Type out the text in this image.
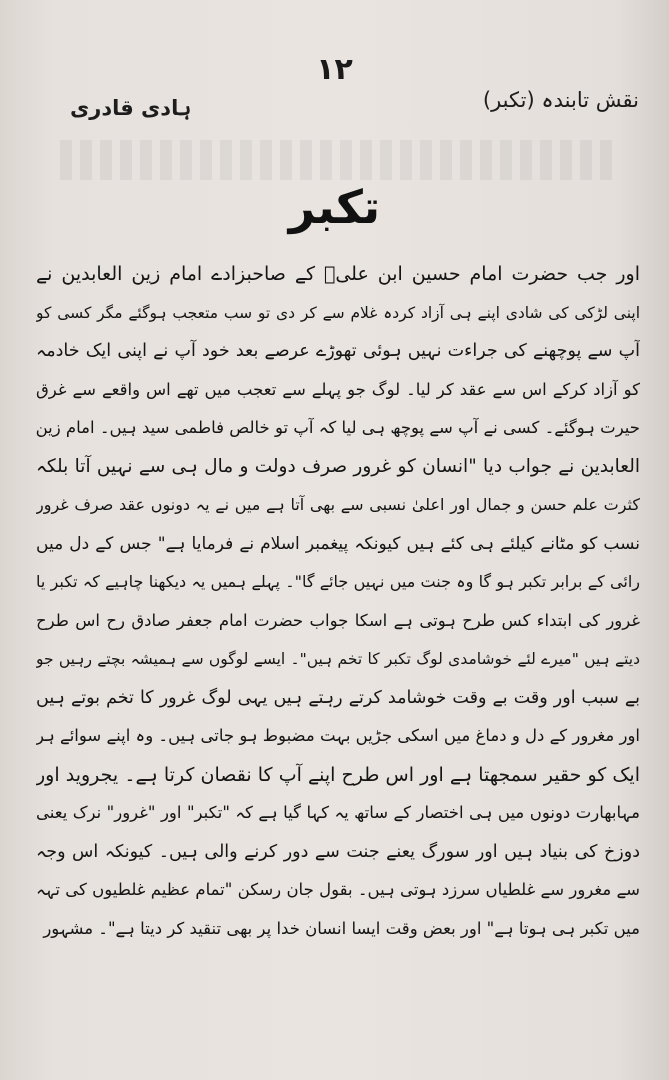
۱۲
نقش تابندہ (تکبر)
ہادی قادری
تکبر
اور جب حضرت امام حسین ابن علیؑ کے صاحبزادے امام زین العابدین نے
اپنی لڑکی کی شادی اپنے ہی آزاد کردہ غلام سے کر دی تو سب متعجب ہوگئے مگر کسی کو
آپ سے پوچھنے کی جراءت نہیں ہوئی تھوڑے عرصے بعد خود آپ نے اپنی ایک خادمہ
کو آزاد کرکے اس سے عقد کر لیا۔ لوگ جو پہلے سے تعجب میں تھے اس واقعے سے غرق
حیرت ہوگئے۔ کسی نے آپ سے پوچھ ہی لیا کہ آپ تو خالص فاطمی سید ہیں۔ امام زین
العابدین نے جواب دیا "انسان کو غرور صرف دولت و مال ہی سے نہیں آتا بلکہ
کثرت علم حسن و جمال اور اعلیٰ نسبی سے بھی آتا ہے میں نے یہ دونوں عقد صرف غرور
نسب کو مٹانے کیلئے ہی کئے ہیں کیونکہ پیغمبر اسلام نے فرمایا ہے" جس کے دل میں
رائی کے برابر تکبر ہو گا وہ جنت میں نہیں جائے گا"۔ پہلے ہمیں یہ دیکھنا چاہیے کہ تکبر یا
غرور کی ابتداء کس طرح ہوتی ہے اسکا جواب حضرت امام جعفر صادق رح اس طرح
دیتے ہیں "میرے لئے خوشامدی لوگ تکبر کا تخم ہیں"۔ ایسے لوگوں سے ہمیشہ بچتے رہیں جو
بے سبب اور وقت بے وقت خوشامد کرتے رہتے ہیں یہی لوگ غرور کا تخم بوتے ہیں
اور مغرور کے دل و دماغ میں اسکی جڑیں بہت مضبوط ہو جاتی ہیں۔ وہ اپنے سوائے ہر
ایک کو حقیر سمجھتا ہے اور اس طرح اپنے آپ کا نقصان کرتا ہے۔ یجروید اور
مہابھارت دونوں میں ہی اختصار کے ساتھ یہ کہا گیا ہے کہ "تکبر" اور "غرور" نرک یعنی
دوزخ کی بنیاد ہیں اور سورگ یعنے جنت سے دور کرنے والی ہیں۔ کیونکہ اس وجہ
سے مغرور سے غلطیاں سرزد ہوتی ہیں۔ بقول جان رسکن "تمام عظیم غلطیوں کی تہہ
میں تکبر ہی ہوتا ہے" اور بعض وقت ایسا انسان خدا پر بھی تنقید کر دیتا ہے"۔ مشہور
